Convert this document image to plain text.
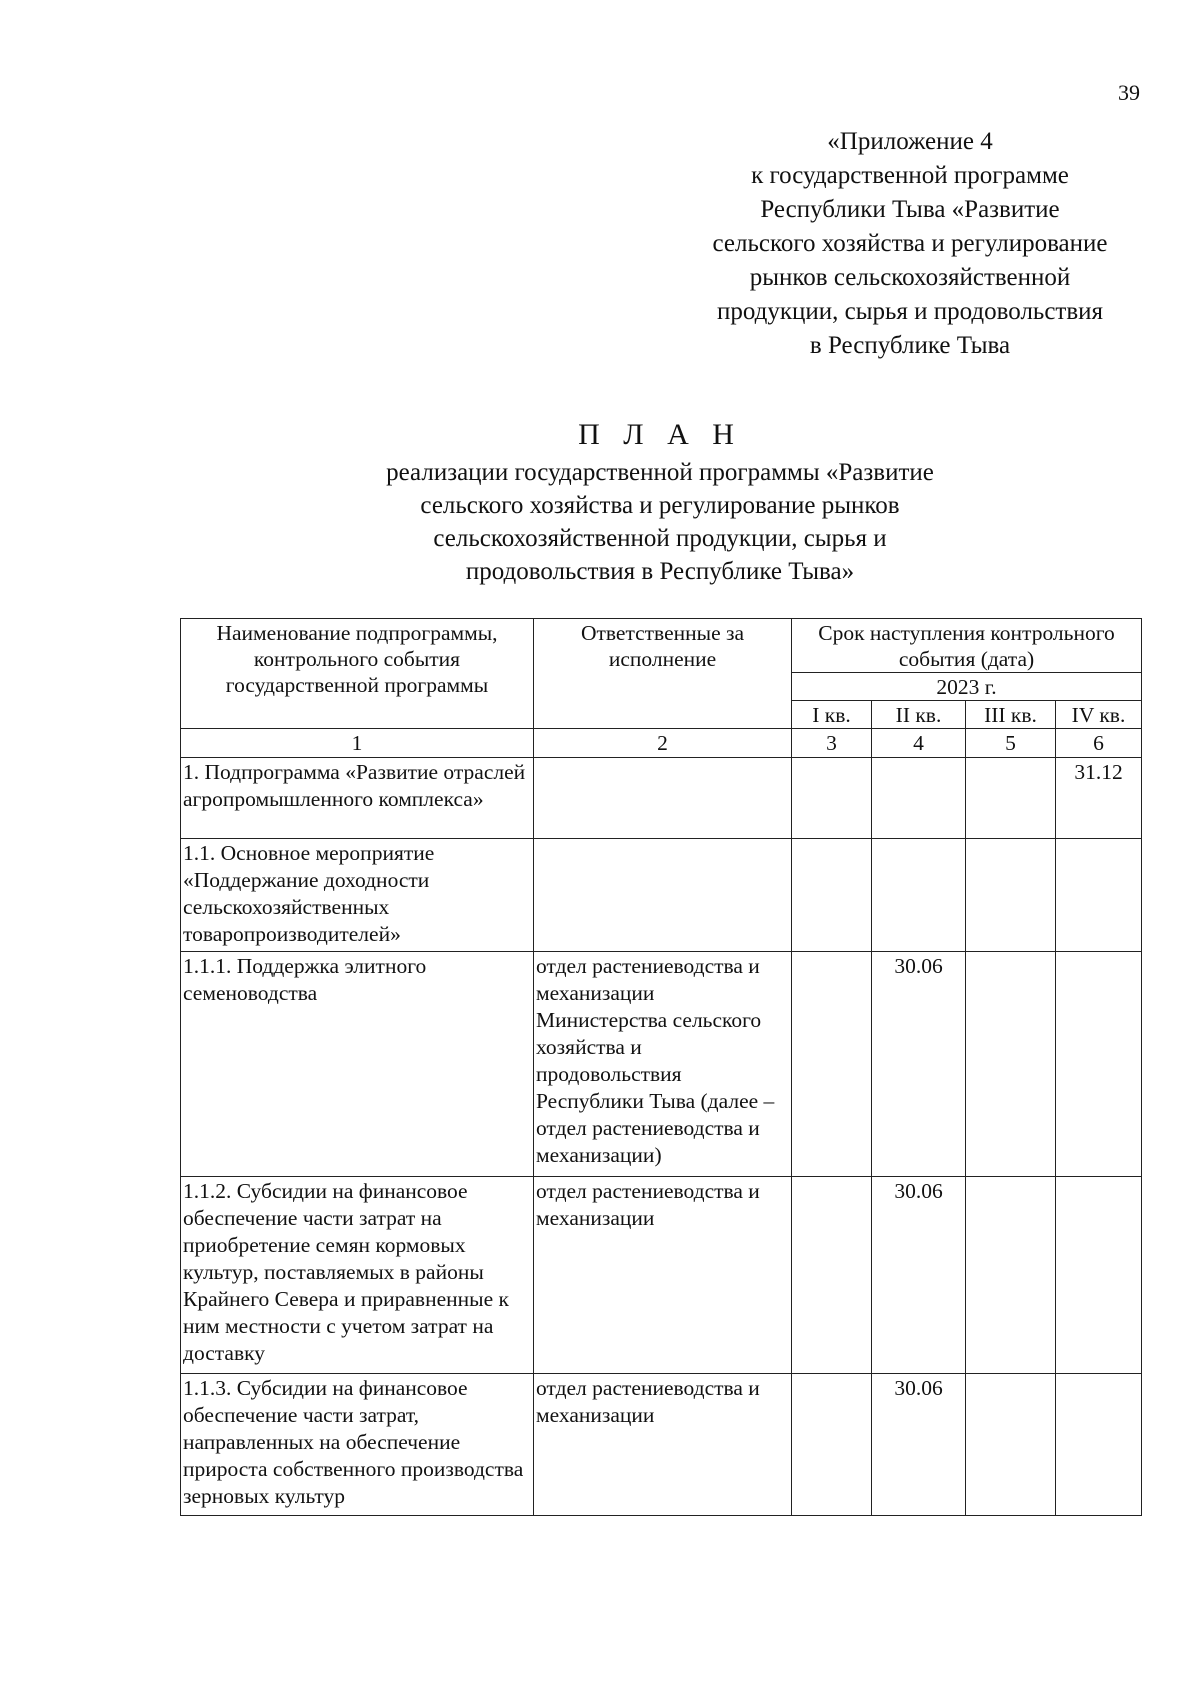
39
«Приложение 4
к государственной программе
Республики Тыва «Развитие
сельского хозяйства и регулирование
рынков сельскохозяйственной
продукции, сырья и продовольствия
в Республике Тыва
П Л А Н
реализации государственной программы «Развитие
сельского хозяйства и регулирование рынков
сельскохозяйственной продукции, сырья и
продовольствия в Республике Тыва»
Наименование подпрограммы, контрольного события государственной программы	Ответственные за исполнение	Срок наступления контрольного события (дата)			
		2023 г.			
		I кв.	II кв.	III кв.	IV кв.
1	2	3	4	5	6
1. Подпрограмма «Развитие отраслей агропромышленного комплекса»					31.12
1.1. Основное мероприятие «Поддержание доходности сельскохозяйственных товаропроизводителей»					
1.1.1. Поддержка элитного семеноводства	отдел растениеводства и механизации Министерства сельского хозяйства и продовольствия Республики Тыва (далее – отдел растениеводства и механизации)		30.06		
1.1.2. Субсидии на финансовое обеспечение части затрат на приобретение семян кормовых культур, поставляемых в районы Крайнего Севера и приравненные к ним местности с учетом затрат на доставку	отдел растениеводства и механизации		30.06		
1.1.3. Субсидии на финансовое обеспечение части затрат, направленных на обеспечение прироста собственного производства зерновых культур	отдел растениеводства и механизации		30.06		
